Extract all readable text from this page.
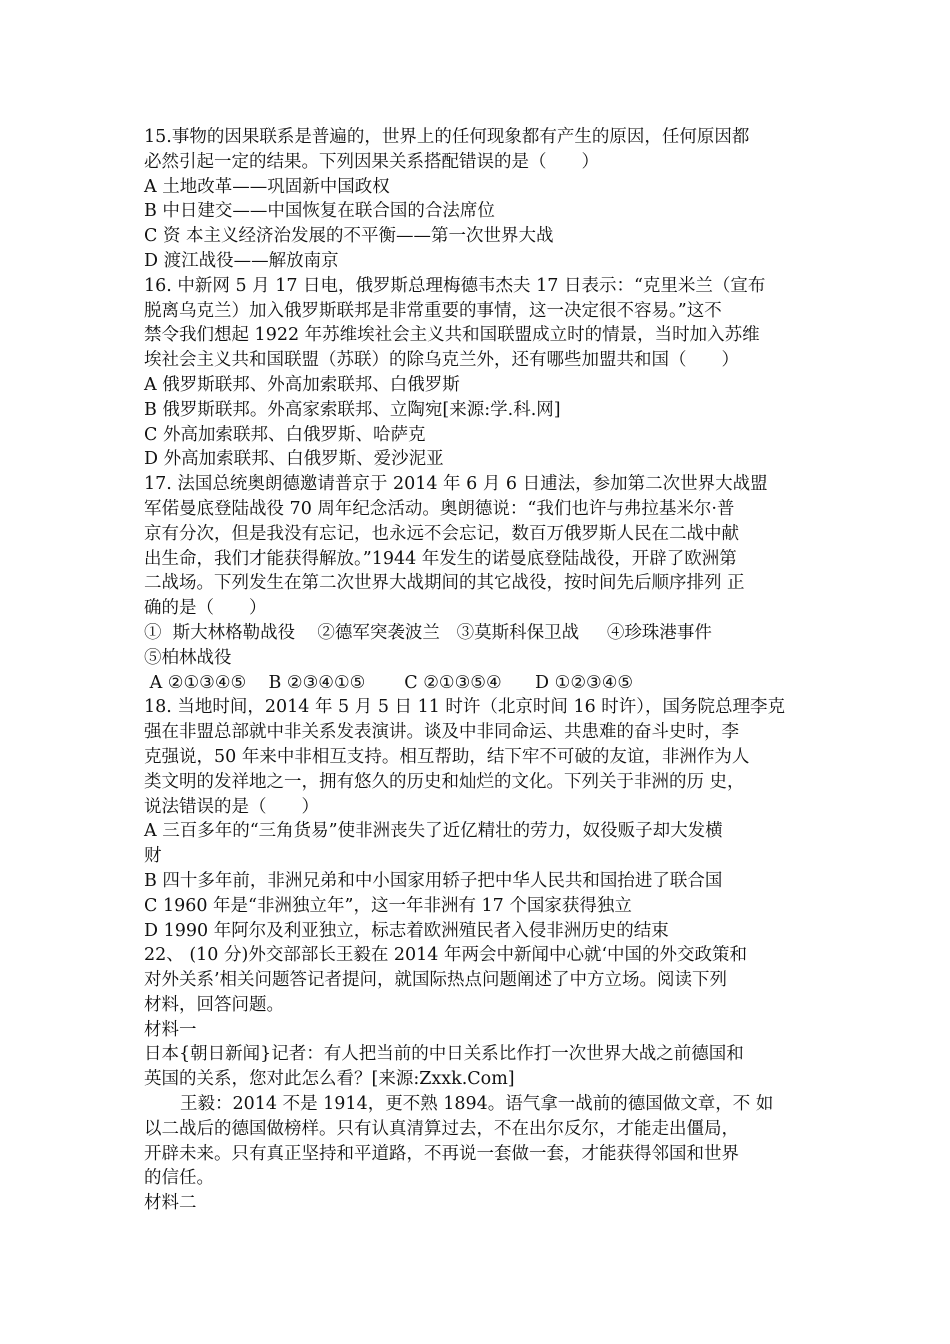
15.事物的因果联系是普遍的，世界上的任何现象都有产生的原因，任何原因都
必然引起一定的结果。下列因果关系搭配错误的是（　　）
A 土地改革——巩固新中国政权
B 中日建交——中国恢复在联合国的合法席位
C 资 本主义经济治发展的不平衡——第一次世界大战
D 渡江战役——解放南京
16. 中新网 5 月 17 日电，俄罗斯总理梅德韦杰夫 17 日表示：“克里米兰（宣布
脱离乌克兰）加入俄罗斯联邦是非常重要的事情，这一决定很不容易。”这不
禁令我们想起 1922 年苏维埃社会主义共和国联盟成立时的情景，当时加入苏维
埃社会主义共和国联盟（苏联）的除乌克兰外，还有哪些加盟共和国（　　）
A 俄罗斯联邦、外高加索联邦、白俄罗斯
B 俄罗斯联邦。外高家索联邦、立陶宛[来源:学.科.网]
C 外高加索联邦、白俄罗斯、哈萨克
D 外高加索联邦、白俄罗斯、爱沙泥亚
17. 法国总统奥朗德邀请普京于 2014 年 6 月 6 日逋法，参加第二次世界大战盟
军偌曼底登陆战役 70 周年纪念活动。奥朗德说：“我们也许与弗拉基米尔·普
京有分次，但是我没有忘记，也永远不会忘记，数百万俄罗斯人民在二战中献
出生命，我们才能获得解放。”1944 年发生的诺曼底登陆战役，开辟了欧洲第
二战场。下列发生在第二次世界大战期间的其它战役，按时间先后顺序排列 正
确的是（　　）
①  斯大林格勒战役    ②德军突袭波兰   ③莫斯科保卫战     ④珍珠港事件
⑤柏林战役
A ②①③④⑤    B ②③④①⑤       C ②①③⑤④      D ①②③④⑤
18. 当地时间，2014 年 5 月 5 日 11 时许（北京时间 16 时许），国务院总理李克
强在非盟总部就中非关系发表演讲。谈及中非同命运、共患难的奋斗史时，李
克强说，50 年来中非相互支持。相互帮助，结下牢不可破的友谊，非洲作为人
类文明的发祥地之一，拥有悠久的历史和灿烂的文化。下列关于非洲的历 史，
说法错误的是（　　）
A 三百多年的“三角货易”使非洲丧失了近亿精壮的劳力，奴役贩子却大发横
财
B 四十多年前，非洲兄弟和中小国家用轿子把中华人民共和国抬进了联合国
C 1960 年是“非洲独立年”，这一年非洲有 17 个国家获得独立
D 1990 年阿尔及利亚独立，标志着欧洲殖民者入侵非洲历史的结束
22、 (10 分)外交部部长王毅在 2014 年两会中新闻中心就‘中国的外交政策和
对外关系’相关问题答记者提问，就国际热点问题阐述了中方立场。阅读下列
材料，回答问题。
材料一
日本{朝日新闻}记者：有人把当前的中日关系比作打一次世界大战之前德国和
英国的关系，您对此怎么看？[来源:Zxxk.Com]
王毅：2014 不是 1914，更不熟 1894。语气拿一战前的德国做文章，不 如
以二战后的德国做榜样。只有认真清算过去，不在出尔反尔，才能走出僵局，
开辟未来。只有真正坚持和平道路，不再说一套做一套，才能获得邻国和世界
的信任。
材料二
